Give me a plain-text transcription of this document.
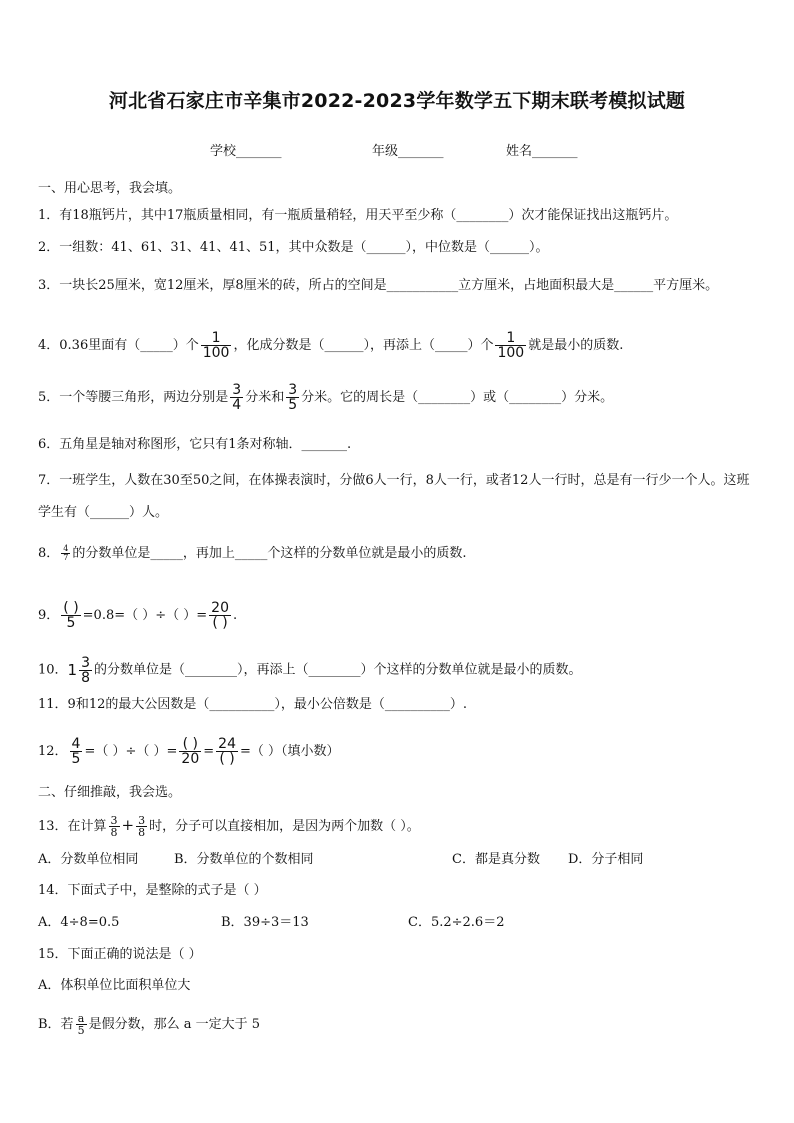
河北省石家庄市辛集市2022-2023学年数学五下期末联考模拟试题
学校_______	年级_______	姓名_______
一、用心思考，我会填。
1．有18瓶钙片，其中17瓶质量相同，有一瓶质量稍轻，用天平至少称（________）次才能保证找出这瓶钙片。
2．一组数：41、61、31、41、41、51，其中众数是（______），中位数是（______）。
3．一块长25厘米，宽12厘米，厚8厘米的砖，所占的空间是___________立方厘米，占地面积最大是______平方厘米。
4．0.36里面有（_____）个 $\frac{1}{100}$ ，化成分数是（______），再添上（_____）个 $\frac{1}{100}$ 就是最小的质数.
5．一个等腰三角形，两边分别是 $\frac{3}{4}$ 分米和 $\frac{3}{5}$ 分米。它的周长是（________）或（________）分米。
6．五角星是轴对称图形，它只有1条对称轴．_______.
7．一班学生，人数在30至50之间，在体操表演时，分做6人一行，8人一行，或者12人一行时，总是有一行少一个人。这班学生有（______）人。
8． $\frac{4}{7}$ 的分数单位是_____，再加上_____个这样的分数单位就是最小的质数.
9． $\frac{( )}{5} =0.8=$（ ）÷（ ）= $\frac{20}{( )}$ .
10．$1 \frac{3}{8}$ 的分数单位是（________），再添上（________）个这样的分数单位就是最小的质数。
11．9和12的最大公因数是（__________），最小公倍数是（__________）.
12． $\frac{4}{5}$ =（ ）÷（ ）= $\frac{( )}{20} = \frac{24}{( )}$ =（ ）（填小数）
二、仔细推敲，我会选。
13．在计算 $\frac{3}{8} + \frac{3}{8}$ 时，分子可以直接相加，是因为两个加数（ ）。
A．分数单位相同	B．分数单位的个数相同	C．都是真分数 D．分子相同
14．下面式子中，是整除的式子是（ ）
A．4÷8=0.5	B．39÷3＝13	C．5.2÷2.6＝2
15．下面正确的说法是（ ）
A．体积单位比面积单位大
B．若 $\frac{a}{5}$ 是假分数，那么 a 一定大于 5
